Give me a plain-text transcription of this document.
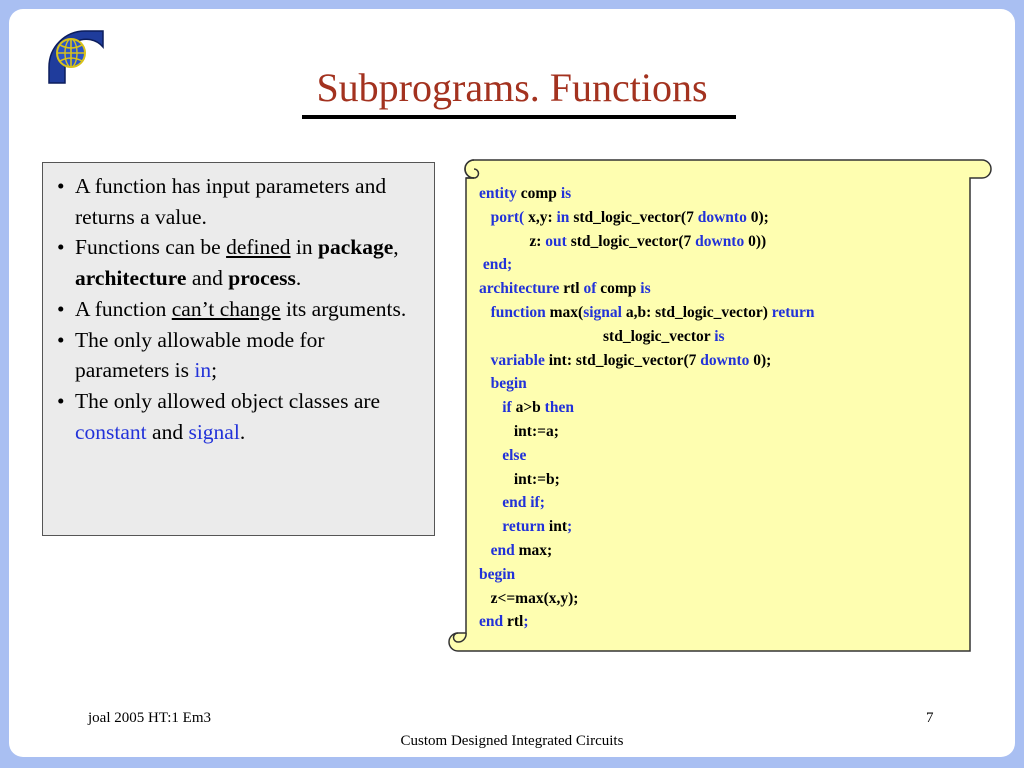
Subprograms. Functions
• A function has input parameters and returns a value.
• Functions can be defined in package, architecture and process.
• A function can’t change its arguments.
• The only allowable mode for parameters is in;
• The only allowed object classes are constant and signal.
entity comp is
port( x,y: in std_logic_vector(7 downto 0);
z: out std_logic_vector(7 downto 0))
end;
architecture rtl of comp is
function max(signal a,b: std_logic_vector) return
std_logic_vector is
variable int: std_logic_vector(7 downto 0);
begin
if a>b then
int:=a;
else
int:=b;
end if;
return int;
end max;
begin
z<=max(x,y);
end rtl;
joal 2005 HT:1 Em3	7
Custom Designed Integrated Circuits
